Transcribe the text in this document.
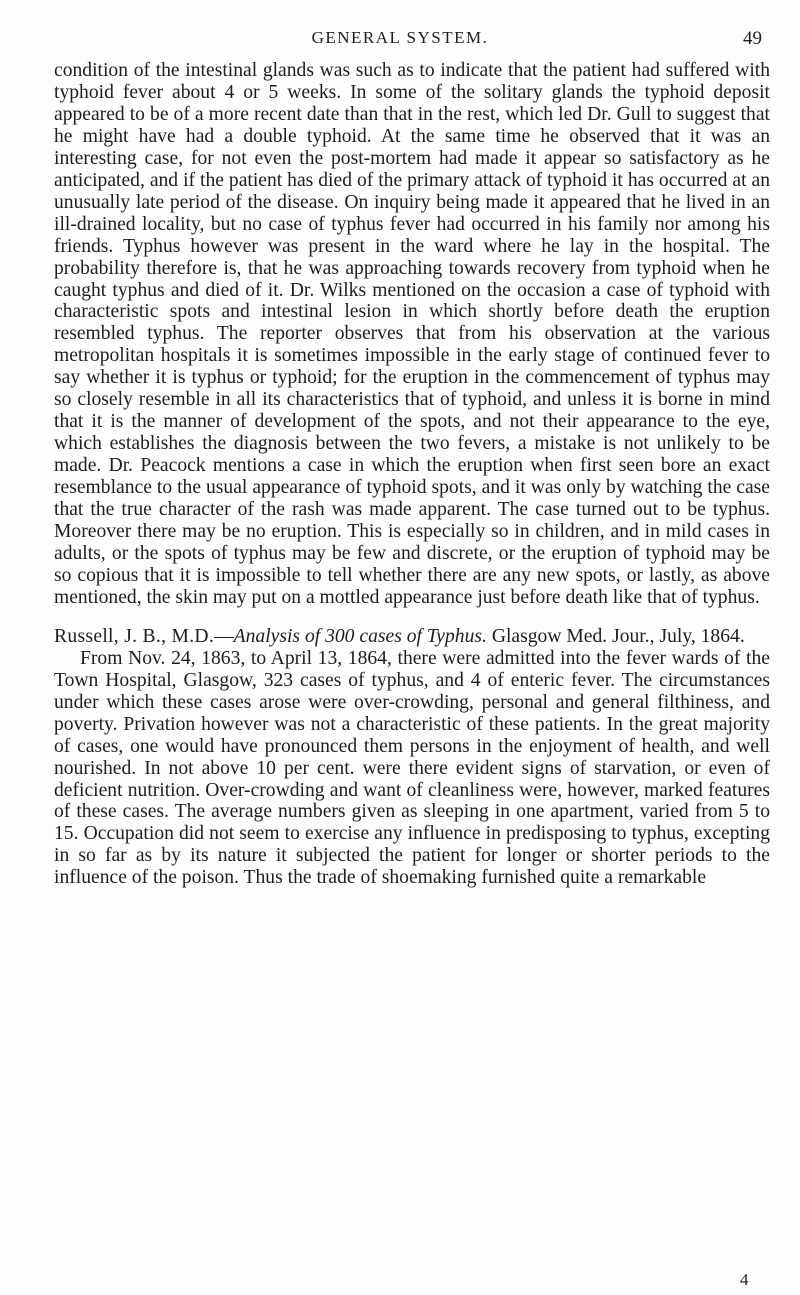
GENERAL SYSTEM.	49

condition of the intestinal glands was such as to indicate that the patient had suffered with typhoid fever about 4 or 5 weeks. In some of the solitary glands the typhoid deposit appeared to be of a more recent date than that in the rest, which led Dr. Gull to suggest that he might have had a double typhoid. At the same time he observed that it was an interesting case, for not even the post-mortem had made it appear so satisfactory as he anticipated, and if the patient has died of the primary attack of typhoid it has occurred at an unusually late period of the disease. On inquiry being made it appeared that he lived in an ill-drained locality, but no case of typhus fever had occurred in his family nor among his friends. Typhus however was present in the ward where he lay in the hospital. The probability therefore is, that he was approaching towards recovery from typhoid when he caught typhus and died of it. Dr. Wilks mentioned on the occasion a case of typhoid with characteristic spots and intestinal lesion in which shortly before death the eruption resembled typhus. The reporter observes that from his observation at the various metropolitan hospitals it is sometimes impossible in the early stage of continued fever to say whether it is typhus or typhoid; for the eruption in the commencement of typhus may so closely resemble in all its characteristics that of typhoid, and unless it is borne in mind that it is the manner of development of the spots, and not their appearance to the eye, which establishes the diagnosis between the two fevers, a mistake is not unlikely to be made. Dr. Peacock mentions a case in which the eruption when first seen bore an exact resemblance to the usual appearance of typhoid spots, and it was only by watching the case that the true character of the rash was made apparent. The case turned out to be typhus. Moreover there may be no eruption. This is especially so in children, and in mild cases in adults, or the spots of typhus may be few and discrete, or the eruption of typhoid may be so copious that it is impossible to tell whether there are any new spots, or lastly, as above mentioned, the skin may put on a mottled appearance just before death like that of typhus.

Russell, J. B., M.D.—Analysis of 300 cases of Typhus. Glasgow Med. Jour., July, 1864.

From Nov. 24, 1863, to April 13, 1864, there were admitted into the fever wards of the Town Hospital, Glasgow, 323 cases of typhus, and 4 of enteric fever. The circumstances under which these cases arose were over-crowding, personal and general filthiness, and poverty. Privation however was not a characteristic of these patients. In the great majority of cases, one would have pronounced them persons in the enjoyment of health, and well nourished. In not above 10 per cent. were there evident signs of starvation, or even of deficient nutrition. Over-crowding and want of cleanliness were, however, marked features of these cases. The average numbers given as sleeping in one apartment, varied from 5 to 15. Occupation did not seem to exercise any influence in predisposing to typhus, excepting in so far as by its nature it subjected the patient for longer or shorter periods to the influence of the poison. Thus the trade of shoemaking furnished quite a remarkable

4
